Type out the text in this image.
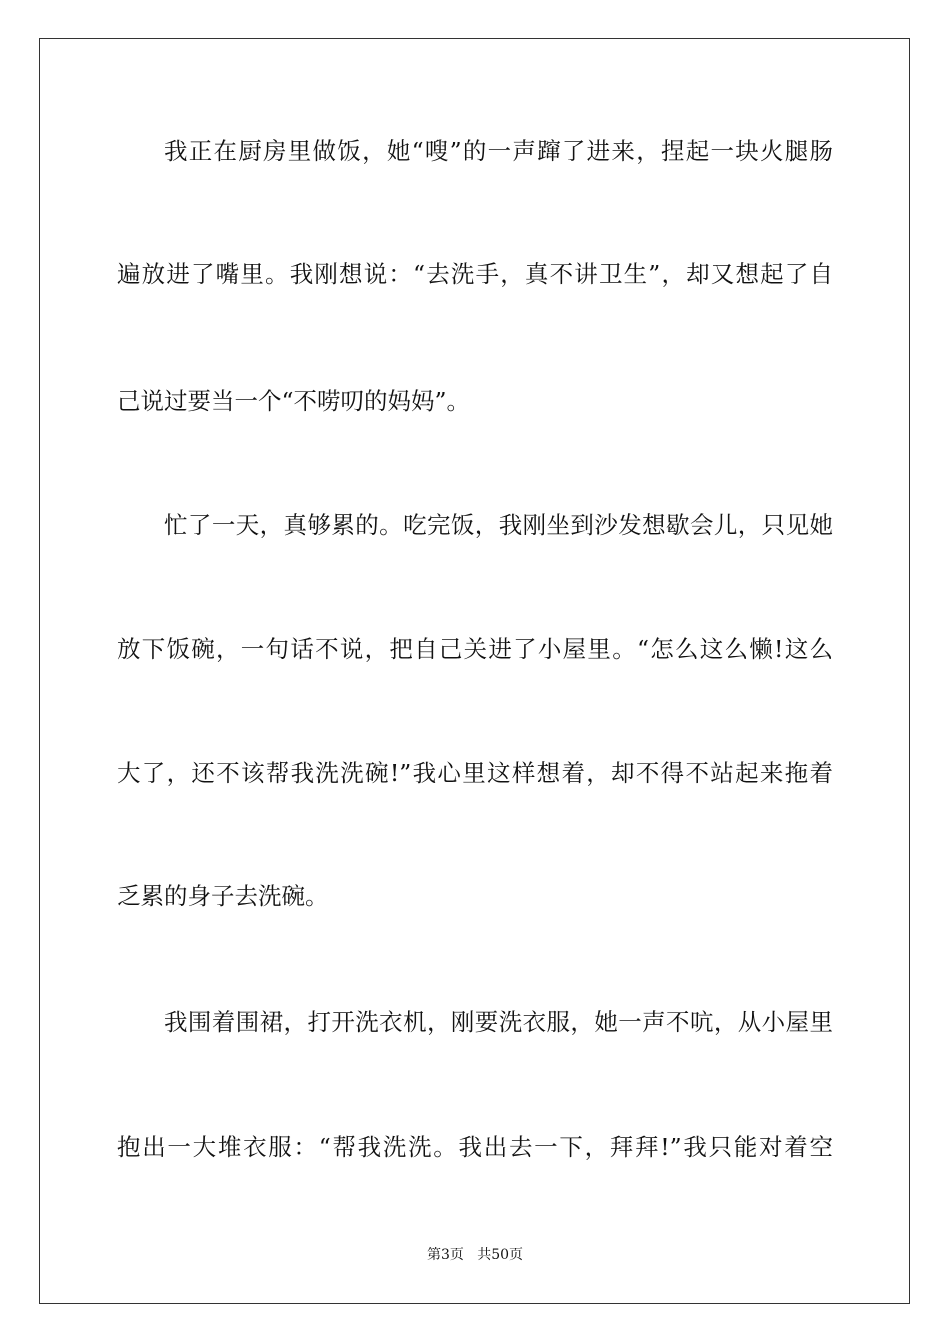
我正在厨房里做饭，她“嗖”的一声蹿了进来，捏起一块火腿肠
遍放进了嘴里。我刚想说：“去洗手，真不讲卫生”，却又想起了自
己说过要当一个“不唠叨的妈妈”。
忙了一天，真够累的。吃完饭，我刚坐到沙发想歇会儿，只见她
放下饭碗，一句话不说，把自己关进了小屋里。“怎么这么懒!这么
大了，还不该帮我洗洗碗!”我心里这样想着，却不得不站起来拖着
乏累的身子去洗碗。
我围着围裙，打开洗衣机，刚要洗衣服，她一声不吭，从小屋里
抱出一大堆衣服：“帮我洗洗。我出去一下，拜拜!”我只能对着空
第3页   共50页
